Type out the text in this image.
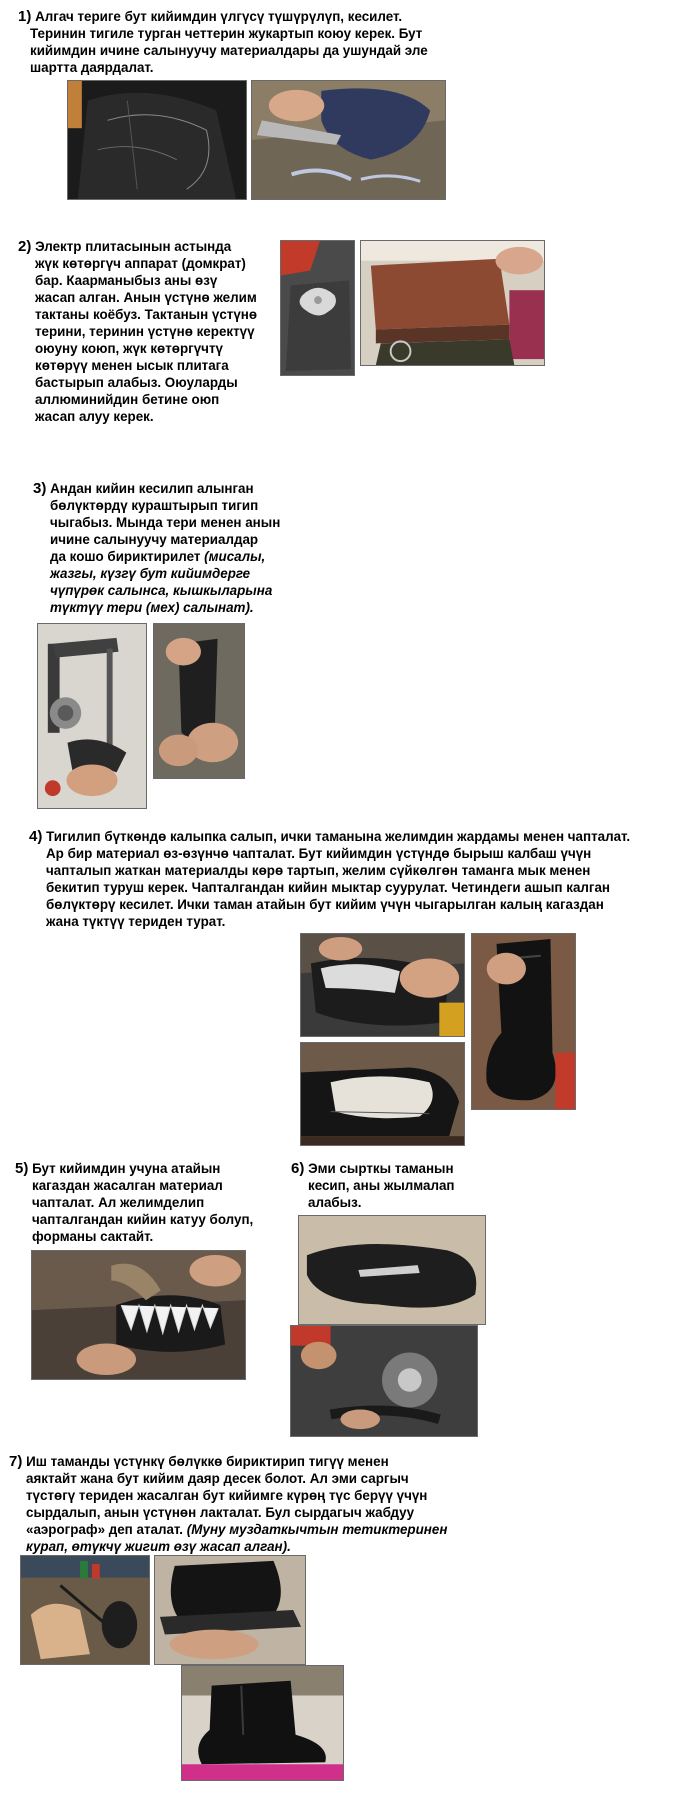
1) Алгач териге бут кийимдин үлгүсү түшүрүлүп, кесилет.
Теринин тигиле турган четтерин жукартып коюу керек. Бут
кийимдин ичине салынуучу материалдары да ушундай эле
шартта даярдалат.
2) Электр плитасынын астында
жүк көтөргүч аппарат (домкрат)
бар. Каарманыбыз аны өзү
жасап алган. Анын үстүнө желим
тактаны коёбуз. Тактанын үстүнө
терини, теринин үстүнө керектүү
оюуну коюп, жүк көтөргүчтү
көтөрүү менен ысык плитага
бастырып алабыз. Оюуларды
аллюминийдин бетине оюп
жасап алуу керек.
3) Андан кийин кесилип алынган
бөлүктөрдү кураштырып тигип
чыгабыз. Мында тери менен анын
ичине салынуучу материалдар
да кошо бириктирилет (мисалы,
жазгы, күзгү бут кийимдерге
чүпүрөк салынса, кышкыларына
түктүү тери (мех) салынат).
4) Тигилип бүткөндө калыпка салып, ички таманына желимдин жардамы менен чапталат.
Ар бир материал өз-өзүнчө чапталат. Бут кийимдин үстүндө бырыш калбаш үчүн
чапталып жаткан материалды көрө тартып, желим сүйкөлгөн таманга мык менен
бекитип туруш керек. Чапталгандан кийин мыктар суурулат. Четиндеги ашып калган
бөлүктөрү кесилет. Ички таман атайын бут кийим үчүн чыгарылган калың кагаздан
жана түктүү териден турат.
5) Бут кийимдин учуна атайын
кагаздан жасалган материал
чапталат. Ал желимделип
чапталгандан кийин катуу болуп,
форманы сактайт.
6) Эми сырткы таманын
кесип, аны жылмалап
алабыз.
7) Иш таманды үстүнкү бөлүккө бириктирип тигүү менен
аяктайт жана бут кийим даяр десек болот. Ал эми саргыч
түстөгү териден жасалган бут кийимге күрөң түс берүү үчүн
сырдалып, анын үстүнөн лакталат. Бул сырдагыч жабдуу
«аэрограф» деп аталат. (Муну муздаткычтын тетиктеринен
курап, өтүкчү жигит өзү жасап алган).
